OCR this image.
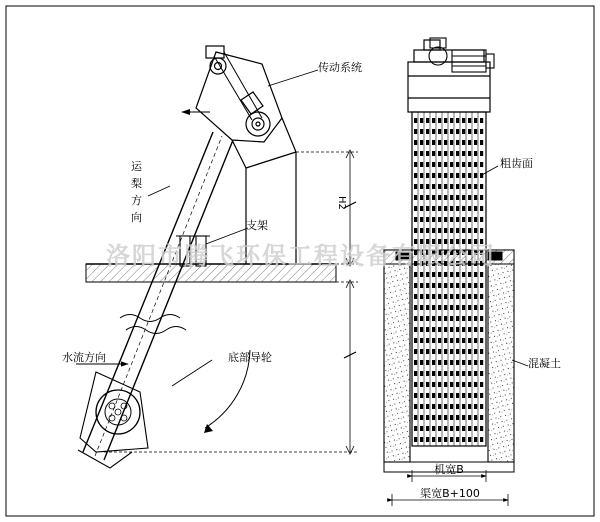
传动系统
运
梨
方
向
支架
水流方向	底部导轮
粗齿面
混凝土
机宽B
渠宽B+100
H2
洛阳市腾飞环保工程设备有限公司
